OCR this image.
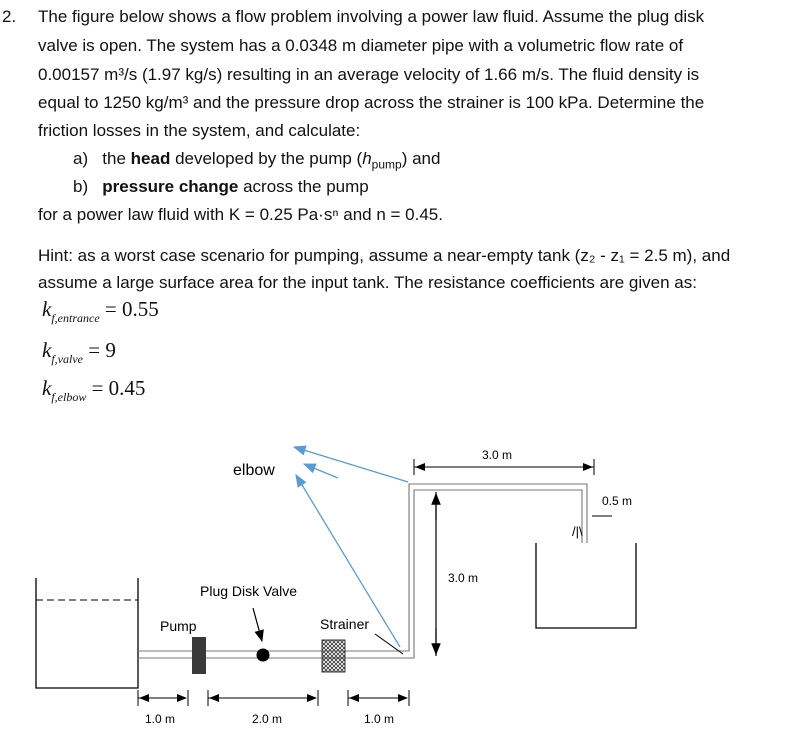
2. The figure below shows a flow problem involving a power law fluid. Assume the plug disk
valve is open. The system has a 0.0348 m diameter pipe with a volumetric flow rate of
0.00157 m³/s (1.97 kg/s) resulting in an average velocity of 1.66 m/s. The fluid density is
equal to 1250 kg/m³ and the pressure drop across the strainer is 100 kPa. Determine the
friction losses in the system, and calculate:
a) the head developed by the pump $(h_{pump})$ and
b) pressure change across the pump
for a power law fluid with K = 0.25 Pa·sⁿ and n = 0.45.
Hint: as a worst case scenario for pumping, assume a near-empty tank (z₂ - z₁ = 2.5 m), and
assume a large surface area for the input tank. The resistance coefficients are given as:
$k_{f,entrance} = 0.55$
$k_{f,valve} = 9$
$k_{f,elbow} = 0.45$
elbow
Plug Disk Valve
Pump	Strainer
3.0 m
3.0 m
0.5 m
/|\
1.0 m	2.0 m	1.0 m
